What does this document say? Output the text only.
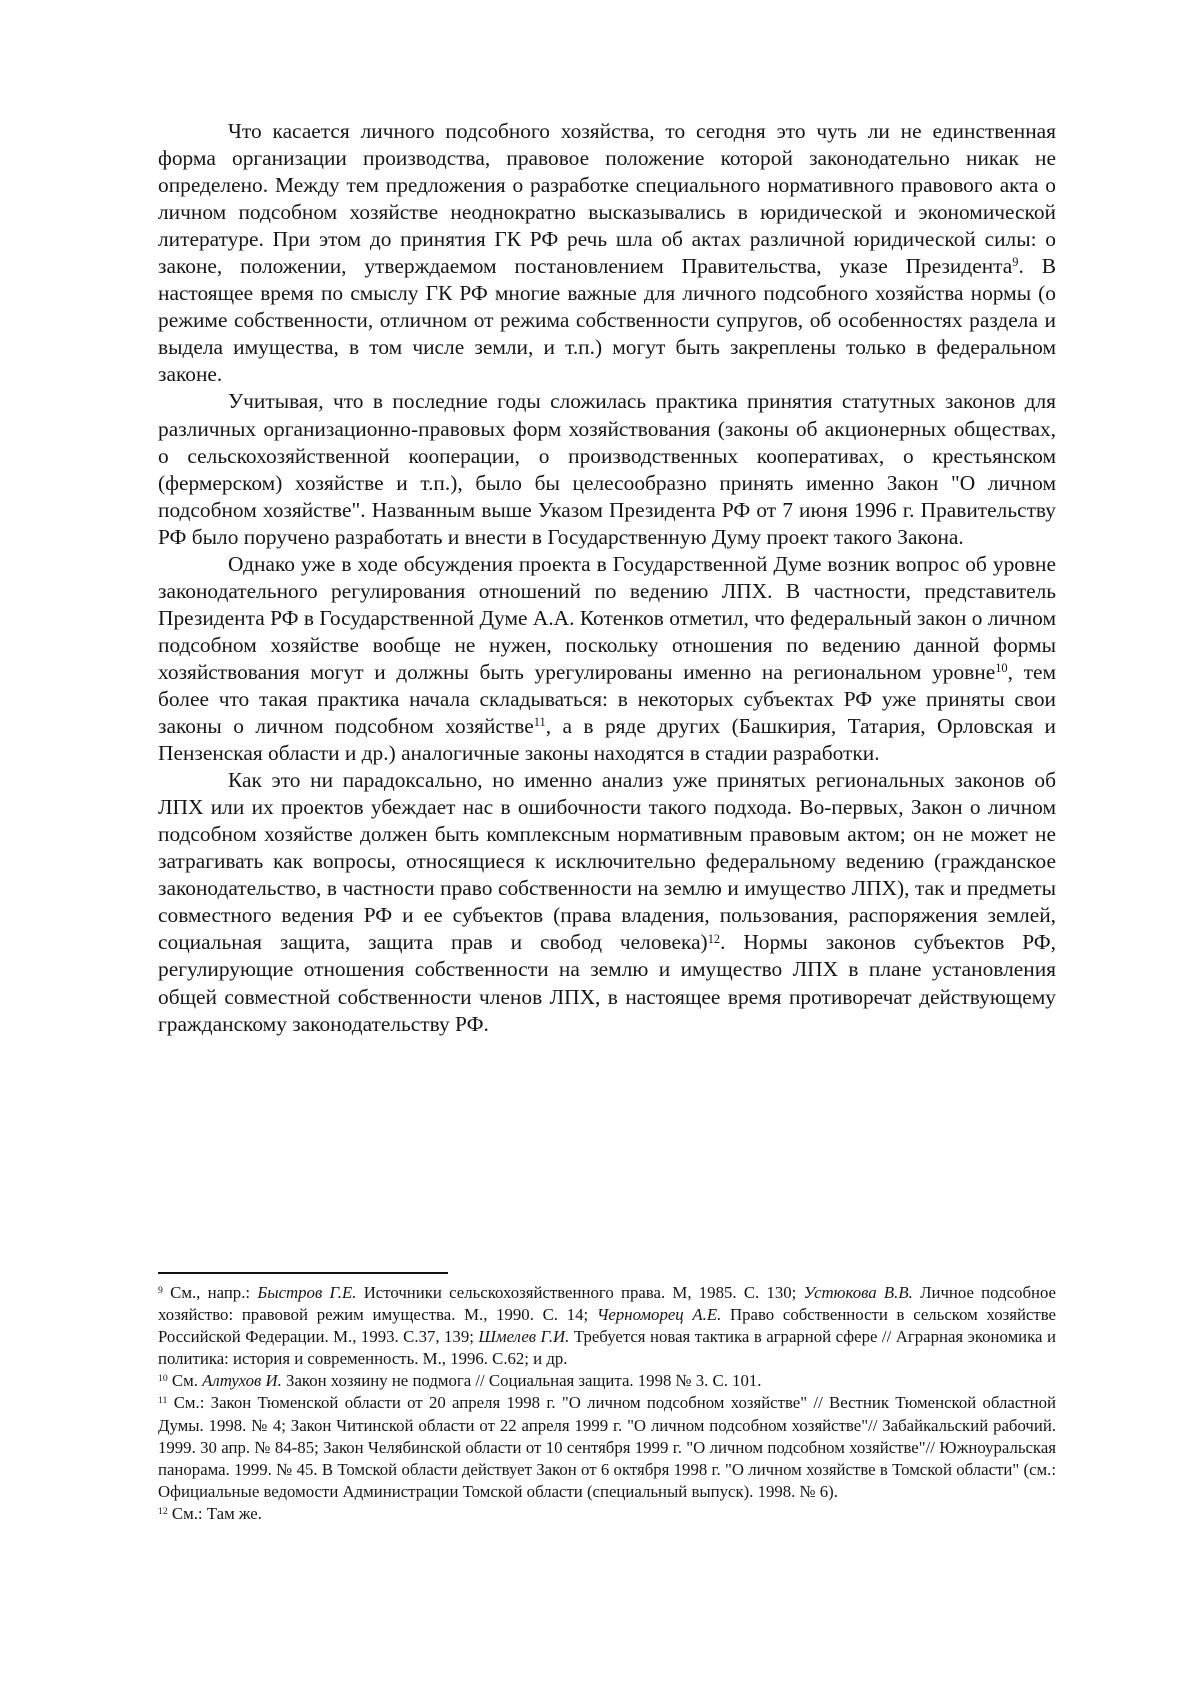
Что касается личного подсобного хозяйства, то сегодня это чуть ли не единственная форма организации производства, правовое положение которой законодательно никак не определено. Между тем предложения о разработке специального нормативного правового акта о личном подсобном хозяйстве неоднократно высказывались в юридической и экономической литературе. При этом до принятия ГК РФ речь шла об актах различной юридической силы: о законе, положении, утверждаемом постановлением Правительства, указе Президента9. В настоящее время по смыслу ГК РФ многие важные для личного подсобного хозяйства нормы (о режиме собственности, отличном от режима собственности супругов, об особенностях раздела и выдела имущества, в том числе земли, и т.п.) могут быть закреплены только в федеральном законе.

Учитывая, что в последние годы сложилась практика принятия статутных законов для различных организационно-правовых форм хозяйствования (законы об акционерных обществах, о сельскохозяйственной кооперации, о производственных кооперативах, о крестьянском (фермерском) хозяйстве и т.п.), было бы целесообразно принять именно Закон "О личном подсобном хозяйстве". Названным выше Указом Президента РФ от 7 июня 1996 г. Правительству РФ было поручено разработать и внести в Государственную Думу проект такого Закона.

Однако уже в ходе обсуждения проекта в Государственной Думе возник вопрос об уровне законодательного регулирования отношений по ведению ЛПХ. В частности, представитель Президента РФ в Государственной Думе А.А. Котенков отметил, что федеральный закон о личном подсобном хозяйстве вообще не нужен, поскольку отношения по ведению данной формы хозяйствования могут и должны быть урегулированы именно на региональном уровне10, тем более что такая практика начала складываться: в некоторых субъектах РФ уже приняты свои законы о личном подсобном хозяйстве11, а в ряде других (Башкирия, Татария, Орловская и Пензенская области и др.) аналогичные законы находятся в стадии разработки.

Как это ни парадоксально, но именно анализ уже принятых региональных законов об ЛПХ или их проектов убеждает нас в ошибочности такого подхода. Во-первых, Закон о личном подсобном хозяйстве должен быть комплексным нормативным правовым актом; он не может не затрагивать как вопросы, относящиеся к исключительно федеральному ведению (гражданское законодательство, в частности право собственности на землю и имущество ЛПХ), так и предметы совместного ведения РФ и ее субъектов (права владения, пользования, распоряжения землей, социальная защита, защита прав и свобод человека)12. Нормы законов субъектов РФ, регулирующие отношения собственности на землю и имущество ЛПХ в плане установления общей совместной собственности членов ЛПХ, в настоящее время противоречат действующему гражданскому законодательству РФ.

9 См., напр.: Быстров Г.Е. Источники сельскохозяйственного права. М, 1985. С. 130; Устюкова В.В. Личное подсобное хозяйство: правовой режим имущества. М., 1990. С. 14; Черноморец А.Е. Право собственности в сельском хозяйстве Российской Федерации. М., 1993. С.37, 139; Шмелев Г.И. Требуется новая тактика в аграрной сфере // Аграрная экономика и политика: история и современность. М., 1996. С.62; и др.

10 См. Алтухов И. Закон хозяину не подмога // Социальная защита. 1998 № 3. С. 101.

11 См.: Закон Тюменской области от 20 апреля 1998 г. "О личном подсобном хозяйстве" // Вестник Тюменской областной Думы. 1998. № 4; Закон Читинской области от 22 апреля 1999 г. "О личном подсобном хозяйстве"// Забайкальский рабочий. 1999. 30 апр. № 84-85; Закон Челябинской области от 10 сентября 1999 г. "О личном подсобном хозяйстве"// Южноуральская панорама. 1999. № 45. В Томской области действует Закон от 6 октября 1998 г. "О личном хозяйстве в Томской области" (см.: Официальные ведомости Администрации Томской области (специальный выпуск). 1998. № 6).

12 См.: Там же.
